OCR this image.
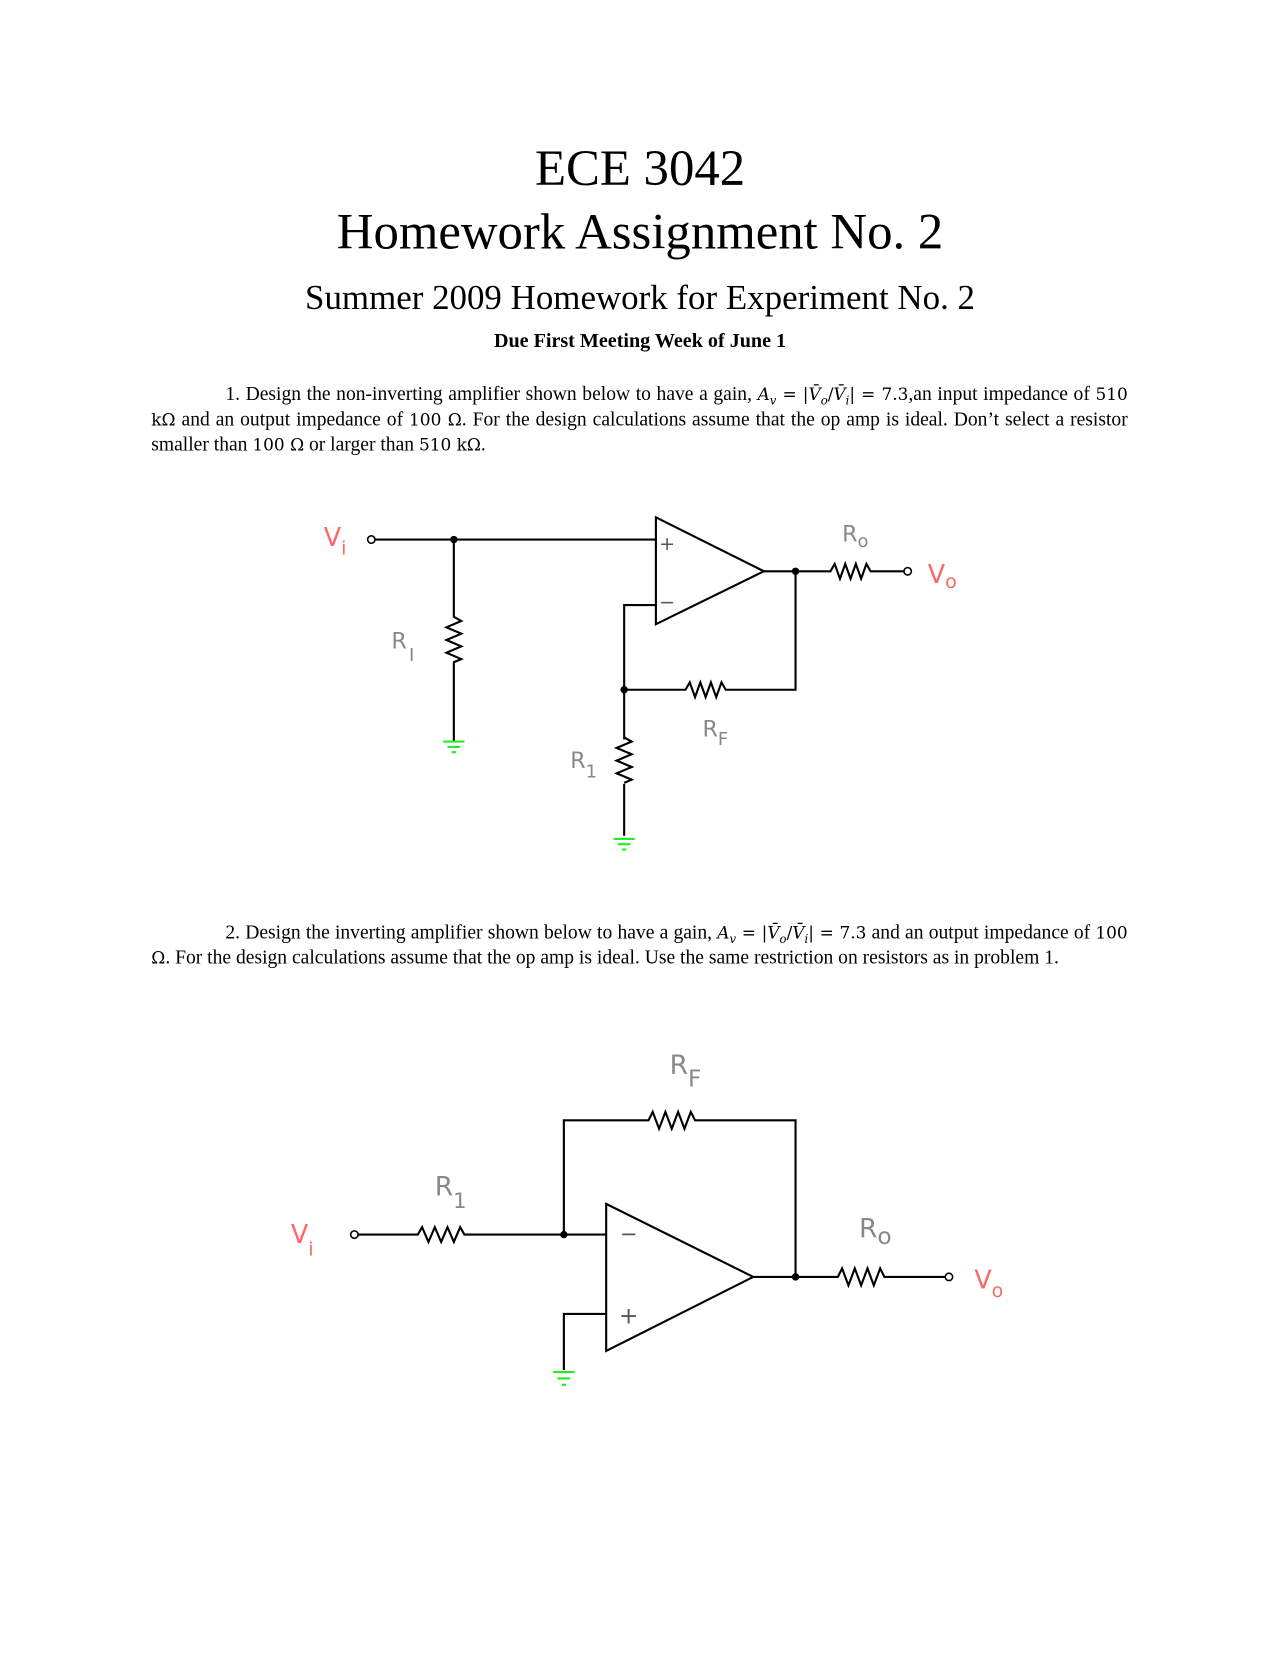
ECE 3042
Homework Assignment No. 2
Summer 2009 Homework for Experiment No. 2
Due First Meeting Week of June 1
1. Design the non-inverting amplifier shown below to have a gain, $A_v$ = $|V̄_o/V̄_i| = 7.3,an$ input impedance of 510 kΩ and an output impedance of 100 Ω. For the design calculations assume that the op amp is ideal. Don’t select a resistor smaller than 100 Ω or larger than 510 kΩ.
2. Design the inverting amplifier shown below to have a gain, $A_v$ = $|V̄_o/V̄_i| = 7.3$ and an output impedance of 100 Ω. For the design calculations assume that the op amp is ideal. Use the same restriction on resistors as in problem 1.
+
−
$V_i$
$V_o$
$R_I$
$R_1$
$R_F$
$R_o$
−
+
$V_i$
$V_o$
$R_1$
RF
Ro
